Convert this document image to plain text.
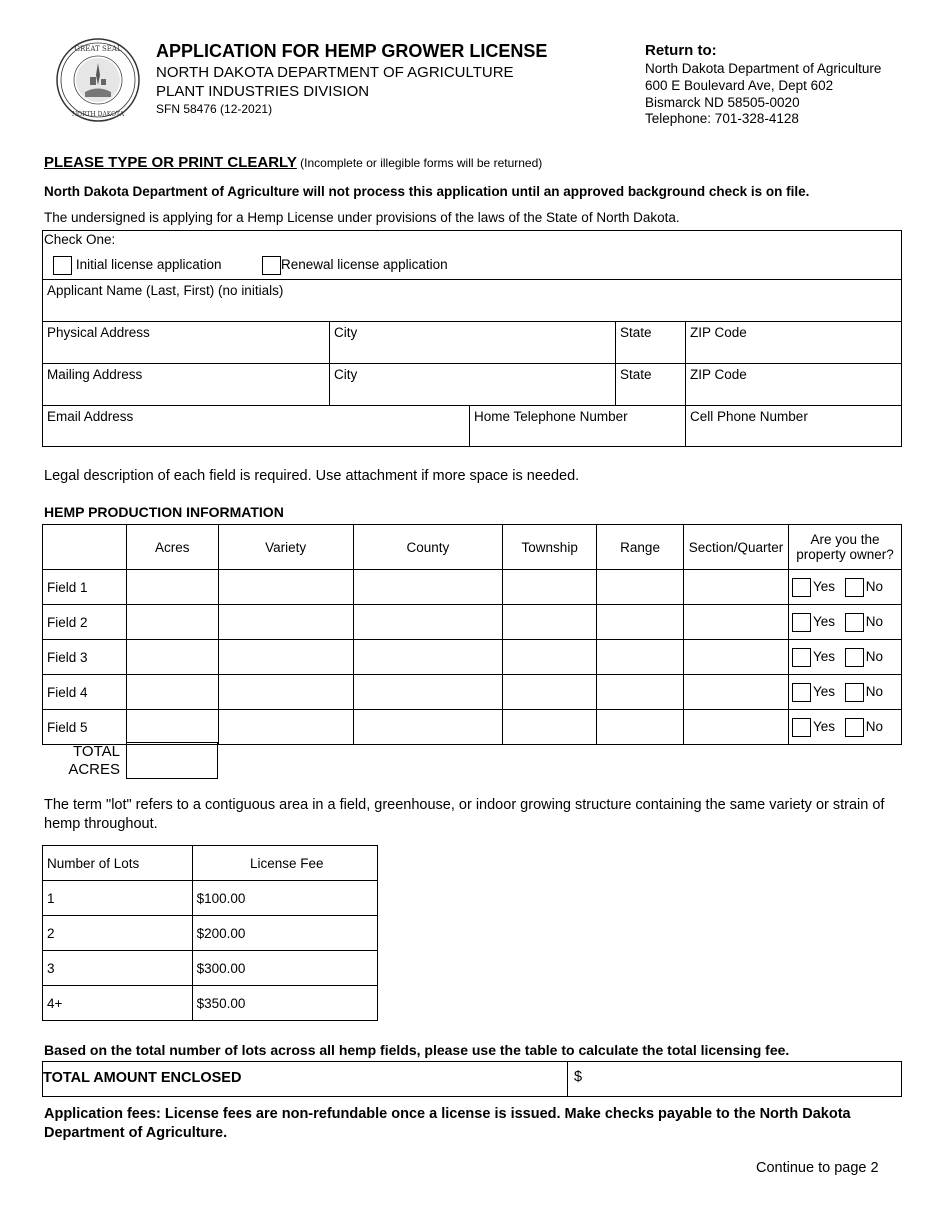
GREAT SEAL
NORTH DAKOTA
APPLICATION FOR HEMP GROWER LICENSE
NORTH DAKOTA DEPARTMENT OF AGRICULTURE
PLANT INDUSTRIES DIVISION
SFN 58476 (12-2021)
Return to:
North Dakota Department of Agriculture
600 E Boulevard Ave, Dept 602
Bismarck ND 58505-0020
Telephone: 701-328-4128
PLEASE TYPE OR PRINT CLEARLY (Incomplete or illegible forms will be returned)
North Dakota Department of Agriculture will not process this application until an approved background check is on file.
The undersigned is applying for a Hemp License under provisions of the laws of the State of North Dakota.
Check One:
Initial license application	Renewal license application
Applicant Name (Last, First) (no initials)
Physical Address	City	State	ZIP Code
Mailing Address	City	State	ZIP Code
Email Address	Home Telephone Number	Cell Phone Number
Legal description of each field is required. Use attachment if more space is needed.
HEMP PRODUCTION INFORMATION
	Acres	Variety	County	Township	Range	Section/Quarter	Are you the property owner?
Field 1							Yes No
Field 2							Yes No
Field 3							Yes No
Field 4							Yes No
Field 5							Yes No
TOTAL
ACRES
The term "lot" refers to a contiguous area in a field, greenhouse, or indoor growing structure containing the same variety or strain of hemp throughout.
Number of Lots	License Fee
1	$100.00
2	$200.00
3	$300.00
4+	$350.00
Based on the total number of lots across all hemp fields, please use the table to calculate the total licensing fee.
TOTAL AMOUNT ENCLOSED	$
Application fees: License fees are non-refundable once a license is issued. Make checks payable to the North Dakota Department of Agriculture.
Continue to page 2
